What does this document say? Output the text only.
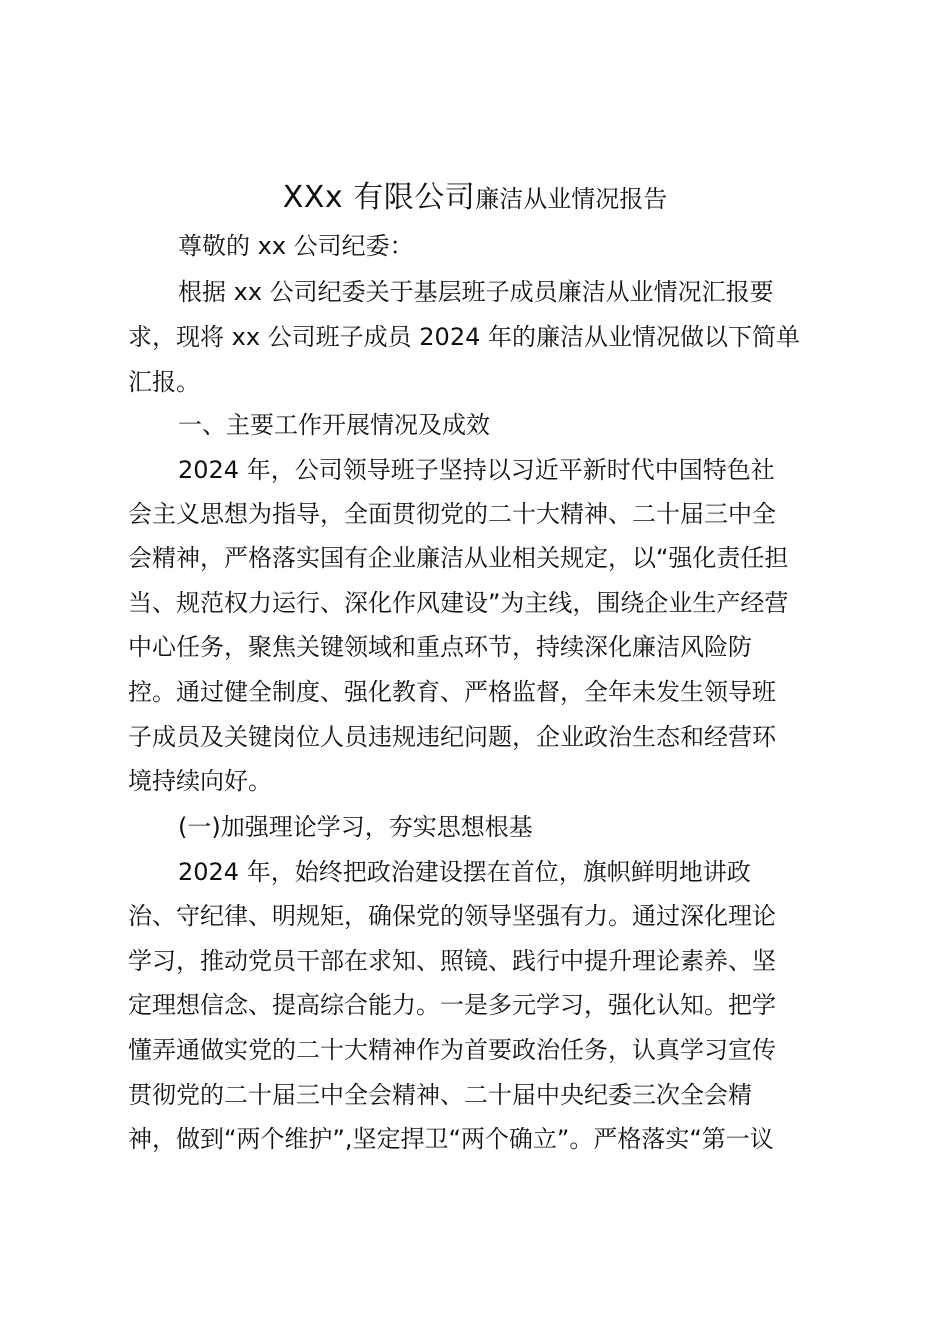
XXx 有限公司廉洁从业情况报告
尊敬的 xx 公司纪委：
根据 xx 公司纪委关于基层班子成员廉洁从业情况汇报要
求，现将 xx 公司班子成员 2024 年的廉洁从业情况做以下简单
汇报。
一、主要工作开展情况及成效
2024 年，公司领导班子坚持以习近平新时代中国特色社
会主义思想为指导，全面贯彻党的二十大精神、二十届三中全
会精神，严格落实国有企业廉洁从业相关规定，以“强化责任担
当、规范权力运行、深化作风建设”为主线，围绕企业生产经营
中心任务，聚焦关键领域和重点环节，持续深化廉洁风险防
控。通过健全制度、强化教育、严格监督，全年未发生领导班
子成员及关键岗位人员违规违纪问题，企业政治生态和经营环
境持续向好。
(一)加强理论学习，夯实思想根基
2024 年，始终把政治建设摆在首位，旗帜鲜明地讲政
治、守纪律、明规矩，确保党的领导坚强有力。通过深化理论
学习，推动党员干部在求知、照镜、践行中提升理论素养、坚
定理想信念、提高综合能力。一是多元学习，强化认知。把学
懂弄通做实党的二十大精神作为首要政治任务，认真学习宣传
贯彻党的二十届三中全会精神、二十届中央纪委三次全会精
神，做到“两个维护”,坚定捍卫“两个确立”。严格落实“第一议
